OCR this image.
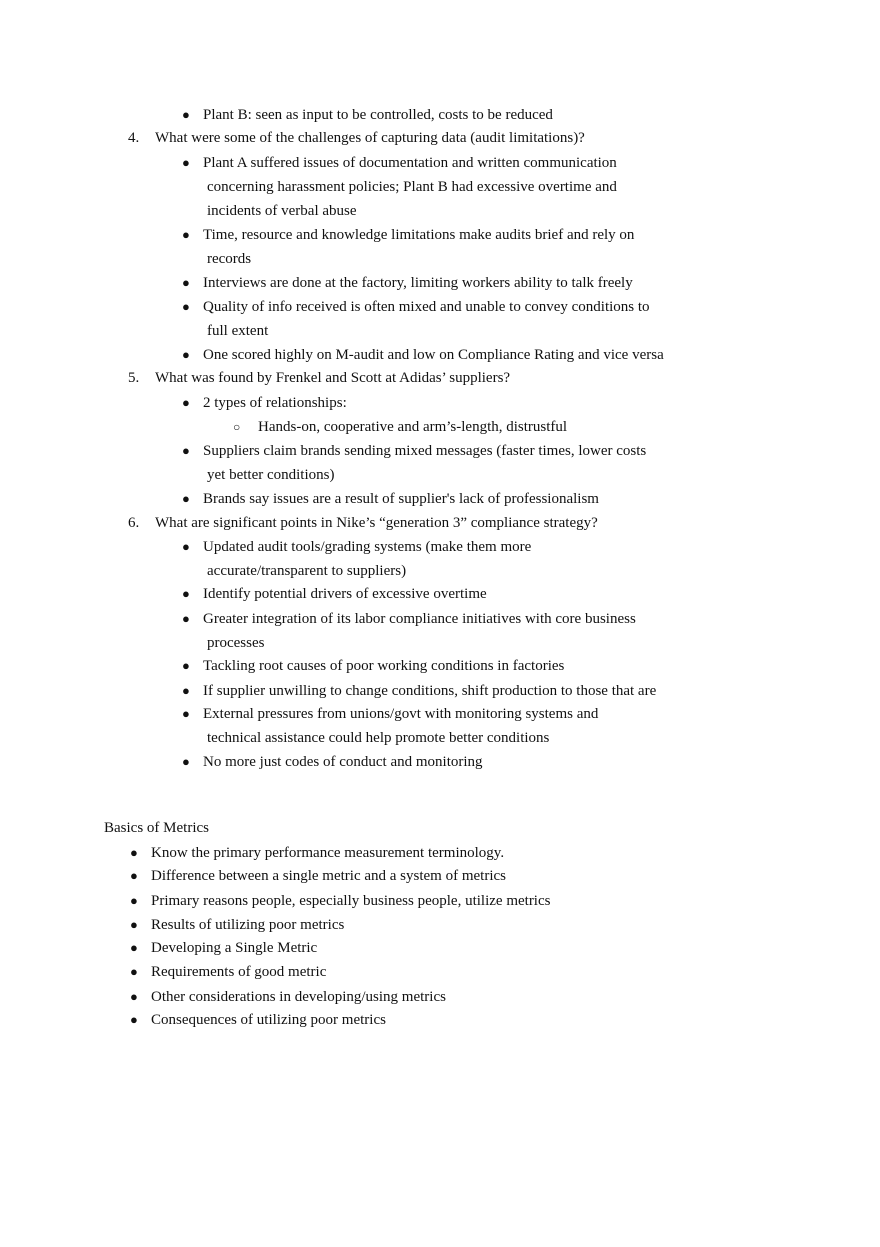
● Plant B: seen as input to be controlled, costs to be reduced
4. What were some of the challenges of capturing data (audit limitations)?
● Plant A suffered issues of documentation and written communication
concerning harassment policies; Plant B had excessive overtime and
incidents of verbal abuse
● Time, resource and knowledge limitations make audits brief and rely on
records
● Interviews are done at the factory, limiting workers ability to talk freely
● Quality of info received is often mixed and unable to convey conditions to
full extent
● One scored highly on M-audit and low on Compliance Rating and vice versa
5. What was found by Frenkel and Scott at Adidas’ suppliers?
● 2 types of relationships:
○ Hands-on, cooperative and arm’s-length, distrustful
● Suppliers claim brands sending mixed messages (faster times, lower costs
yet better conditions)
● Brands say issues are a result of supplier's lack of professionalism
6. What are significant points in Nike’s “generation 3” compliance strategy?
● Updated audit tools/grading systems (make them more
accurate/transparent to suppliers)
● Identify potential drivers of excessive overtime
● Greater integration of its labor compliance initiatives with core business
processes
● Tackling root causes of poor working conditions in factories
● If supplier unwilling to change conditions, shift production to those that are
● External pressures from unions/govt with monitoring systems and
technical assistance could help promote better conditions
● No more just codes of conduct and monitoring
Basics of Metrics
● Know the primary performance measurement terminology.
● Difference between a single metric and a system of metrics
● Primary reasons people, especially business people, utilize metrics
● Results of utilizing poor metrics
● Developing a Single Metric
● Requirements of good metric
● Other considerations in developing/using metrics
● Consequences of utilizing poor metrics
